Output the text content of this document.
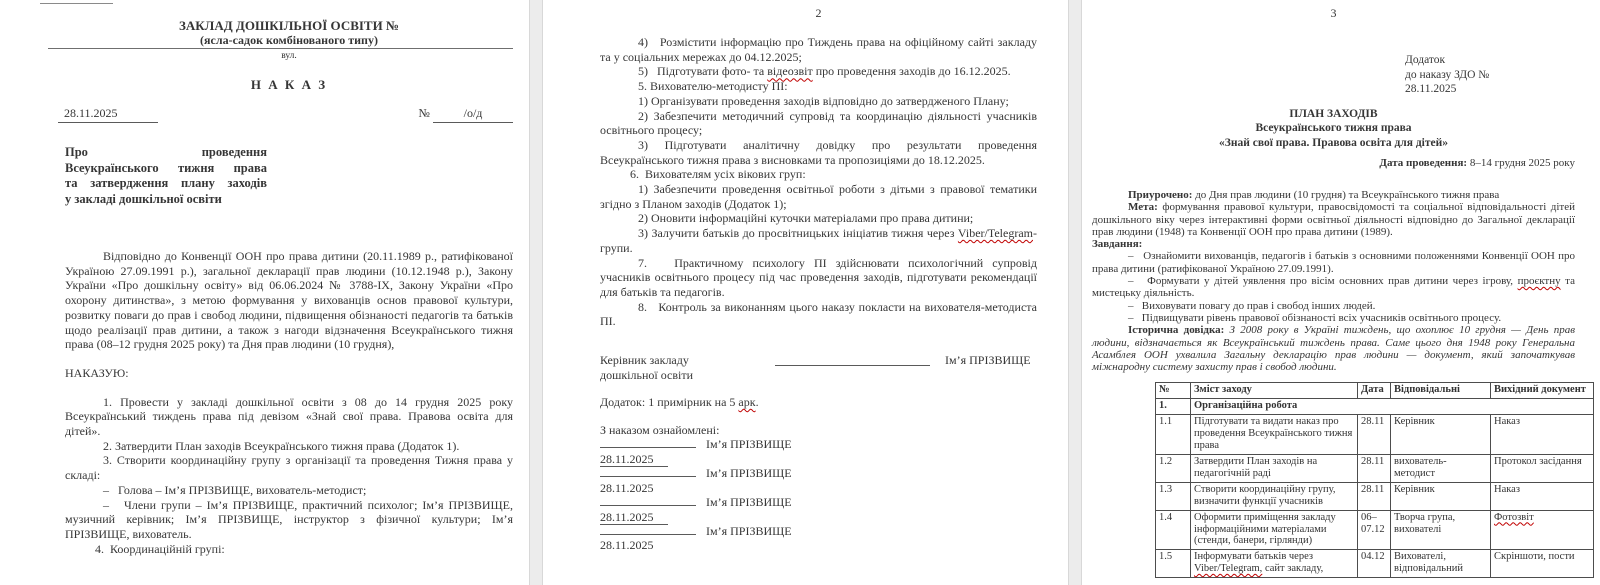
ЗАКЛАД ДОШКІЛЬНОЇ ОСВІТИ №
(ясла-садок комбінованого типу)
вул.
Н А К А З
28.11.2025	№	/о/д

Про проведення

Всеукраїнського тижня права

та затвердження плану заходів

у закладі дошкільної освіти

Відповідно до Конвенції ООН про права дитини (20.11.1989 р., ратифікованої Україною 27.09.1991 р.), загальної декларації прав людини (10.12.1948 р.), Закону України «Про дошкільну освіту» від 06.06.2024 № 3788-ІХ, Закону України «Про охорону дитинства», з метою формування у вихованців основ правової культури, розвитку поваги до прав і свобод людини, підвищення обізнаності педагогів та батьків щодо реалізації прав дитини, а також з нагоди відзначення Всеукраїнського тижня права (08–12 грудня 2025 року) та Дня прав людини (10 грудня),

НАКАЗУЮ:

1. Провести у закладі дошкільної освіти з 08 до 14 грудня 2025 року Всеукраїнський тиждень права під девізом «Знай свої права. Правова освіта для дітей».

2. Затвердити План заходів Всеукраїнського тижня права (Додаток 1).

3. Створити координаційну групу з організації та проведення Тижня права у складі:

–   Голова – Ім’я ПРІЗВИЩЕ, вихователь-методист;

–   Члени групи – Ім’я ПРІЗВИЩЕ, практичний психолог; Ім’я ПРІЗВИЩЕ, музичний керівник; Ім’я ПРІЗВИЩЕ, інструктор з фізичної культури; Ім’я ПРІЗВИЩЕ, вихователь.

4.  Координаційній групі:

2

4)   Розмістити інформацію про Тиждень права на офіційному сайті закладу та у соціальних мережах до 04.12.2025;

5)   Підготувати фото- та відеозвіт про проведення заходів до 16.12.2025.

5. Вихователю-методисту ПІ:

1) Організувати проведення заходів відповідно до затвердженого Плану;

2) Забезпечити методичний супровід та координацію діяльності учасників освітнього процесу;

3) Підготувати аналітичну довідку про результати проведення Всеукраїнського тижня права з висновками та пропозиціями до 18.12.2025.

6.  Вихователям усіх вікових груп:

1) Забезпечити проведення освітньої роботи з дітьми з правової тематики згідно з Планом заходів (Додаток 1);

2) Оновити інформаційні куточки матеріалами про права дитини;

3) Залучити батьків до просвітницьких ініціатив тижня через Viber/Telegram-групи.

7.   Практичному психологу ПІ здійснювати психологічний супровід учасників освітнього процесу під час проведення заходів, підготувати рекомендації для батьків та педагогів.

8.   Контроль за виконанням цього наказу покласти на вихователя-методиста ПІ.

Керівник закладу	Ім’я ПРІЗВИЩЕ
дошкільної освіти

Додаток: 1 примірник на 5 арк.

З наказом ознайомлені:

Ім’я ПРІЗВИЩЕ

28.11.2025

Ім’я ПРІЗВИЩЕ

28.11.2025

Ім’я ПРІЗВИЩЕ

28.11.2025

Ім’я ПРІЗВИЩЕ

28.11.2025

3
Додаток
до наказу ЗДО №
28.11.2025
ПЛАН ЗАХОДІВ
Всеукраїнського тижня права
«Знай свої права. Правова освіта для дітей»
Дата проведення: 8–14 грудня 2025 року

Приурочено: до Дня прав людини (10 грудня) та Всеукраїнського тижня права

Мета: формування правової культури, правосвідомості та соціальної відповідальності дітей дошкільного віку через інтерактивні форми освітньої діяльності відповідно до Загальної декларації прав людини (1948) та Конвенції ООН про права дитини (1989).

Завдання:

–   Ознайомити вихованців, педагогів і батьків з основними положеннями Конвенції ООН про права дитини (ратифікованої Україною 27.09.1991).

–   Формувати у дітей уявлення про вісім основних прав дитини через ігрову, проєктну та мистецьку діяльність.

–   Виховувати повагу до прав і свобод інших людей.

–   Підвищувати рівень правової обізнаності всіх учасників освітнього процесу.

Історична довідка: З 2008 року в Україні тиждень, що охоплює 10 грудня — День прав людини, відзначається як Всеукраїнський тиждень права. Саме цього дня 1948 року Генеральна Асамблея ООН ухвалила Загальну декларацію прав людини — документ, який започаткував міжнародну систему захисту прав і свобод людини.

№	Зміст заходу	Дата	Відповідальні	Вихідний документ
1.	Організаційна робота			
1.1	Підготувати та видати наказ про проведення Всеукраїнського тижня права	28.11	Керівник	Наказ
1.2	Затвердити План заходів на педагогічній раді	28.11	вихователь-методист	Протокол засідання
1.3	Створити координаційну групу, визначити функції учасників	28.11	Керівник	Наказ
1.4	Оформити приміщення закладу інформаційними матеріалами (стенди, банери, гірлянди)	06–07.12	Творча група, вихователі	Фотозвіт
1.5	Інформувати батьків через Viber/Telegram, сайт закладу,	04.12	Вихователі, відповідальний	Скріншоти, пости
